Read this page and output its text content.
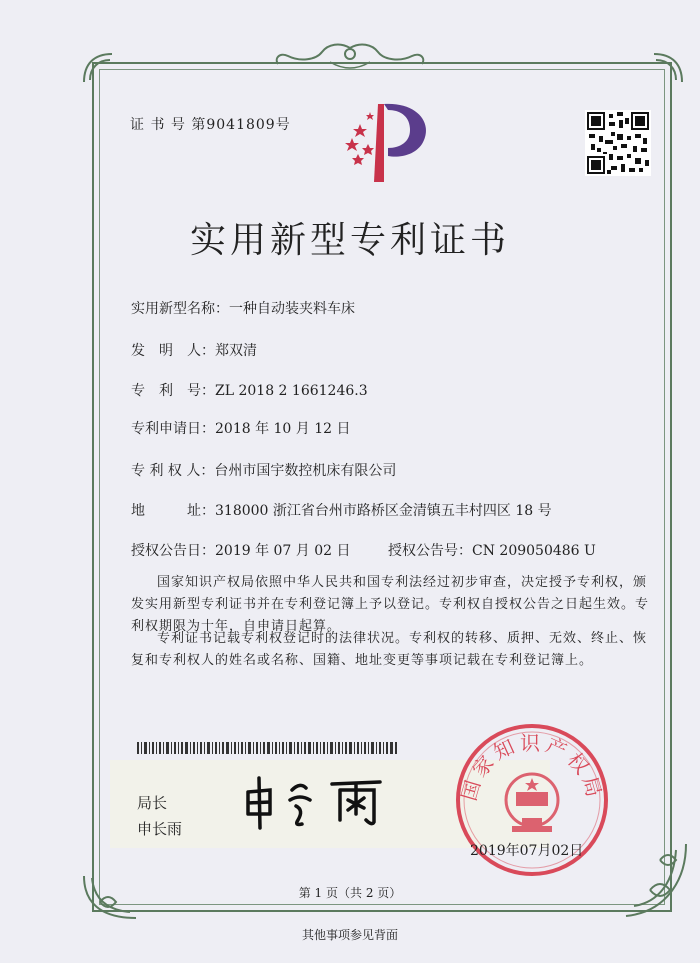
证 书 号 第9041809号
实用新型专利证书
实用新型名称：一种自动装夹料车床
发　明　人：郑双清
专　利　号：ZL 2018 2 1661246.3
专利申请日：2018 年 10 月 12 日
专 利 权 人：台州市国宇数控机床有限公司
地　　　址：318000 浙江省台州市路桥区金清镇五丰村四区 18 号
授权公告日：2019 年 07 月 02 日	授权公告号：CN 209050486 U
国家知识产权局依照中华人民共和国专利法经过初步审查，决定授予专利权，颁发实用新型专利证书并在专利登记簿上予以登记。专利权自授权公告之日起生效。专利权期限为十年，自申请日起算。
专利证书记载专利权登记时的法律状况。专利权的转移、质押、无效、终止、恢复和专利权人的姓名或名称、国籍、地址变更等事项记载在专利登记簿上。
局长
申长雨
国家知识产权局
2019年07月02日
第 1 页（共 2 页）
其他事项参见背面
